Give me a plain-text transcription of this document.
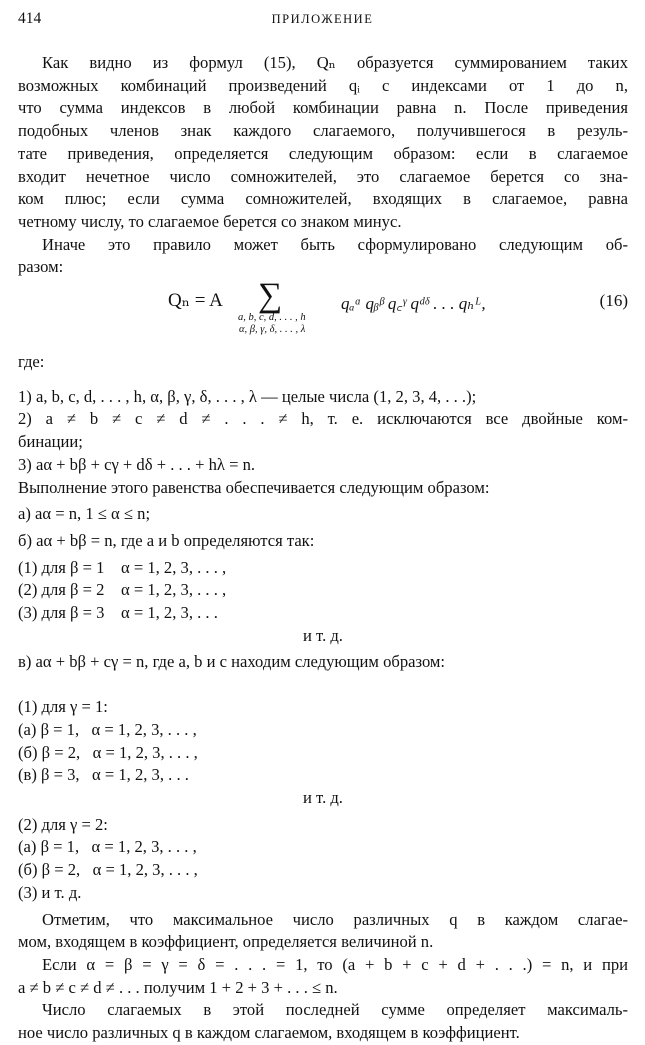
414	ПРИЛОЖЕНИЕ

Как видно из формул (15), Qₙ образуется суммированием таких

возможных комбинаций произведений qᵢ с индексами от 1 до n,

что сумма индексов в любой комбинации равна n. После приведения

подобных членов знак каждого слагаемого, получившегося в резуль-

тате приведения, определяется следующим образом: если в слагаемое

входит нечетное число сомножителей, это слагаемое берется со зна-

ком плюс; если сумма сомножителей, входящих в слагаемое, равна

четному числу, то слагаемое берется со знаком минус.

Иначе это правило может быть сформулировано следующим об-

разом:

Qₙ = A ∑
a, b, c, d, . . . , h
α, β, γ, δ, . . . , λ
qₐᵅ qᵦᵝ q꜀ᵞ qᵈᵟ . . . qₕᴸ,	(16)

где:

1) a, b, c, d, . . . , h, α, β, γ, δ, . . . , λ — целые числа (1, 2, 3, 4, . . .);

2) a ≠ b ≠ c ≠ d ≠ . . . ≠ h, т. е. исключаются все двойные ком-

бинации;

3) aα + bβ + cγ + dδ + . . . + hλ = n.

Выполнение этого равенства обеспечивается следующим образом:

а) aα = n, 1 ≤ α ≤ n;

б) aα + bβ = n, где a и b определяются так:

(1) для β = 1    α = 1, 2, 3, . . . ,

(2) для β = 2    α = 1, 2, 3, . . . ,

(3) для β = 3    α = 1, 2, 3, . . .

и т. д.

в) aα + bβ + cγ = n, где a, b и c находим следующим образом:

(1) для γ = 1:

(а) β = 1,   α = 1, 2, 3, . . . ,

(б) β = 2,   α = 1, 2, 3, . . . ,

(в) β = 3,   α = 1, 2, 3, . . .

и т. д.

(2) для γ = 2:

(а) β = 1,   α = 1, 2, 3, . . . ,

(б) β = 2,   α = 1, 2, 3, . . . ,

(3) и т. д.

Отметим, что максимальное число различных q в каждом слагае-

мом, входящем в коэффициент, определяется величиной n.

Если α = β = γ = δ = . . . = 1, то (a + b + c + d + . . .) = n, и при

a ≠ b ≠ c ≠ d ≠ . . . получим 1 + 2 + 3 + . . . ≤ n.

Число слагаемых в этой последней сумме определяет максималь-

ное число различных q в каждом слагаемом, входящем в коэффициент.
